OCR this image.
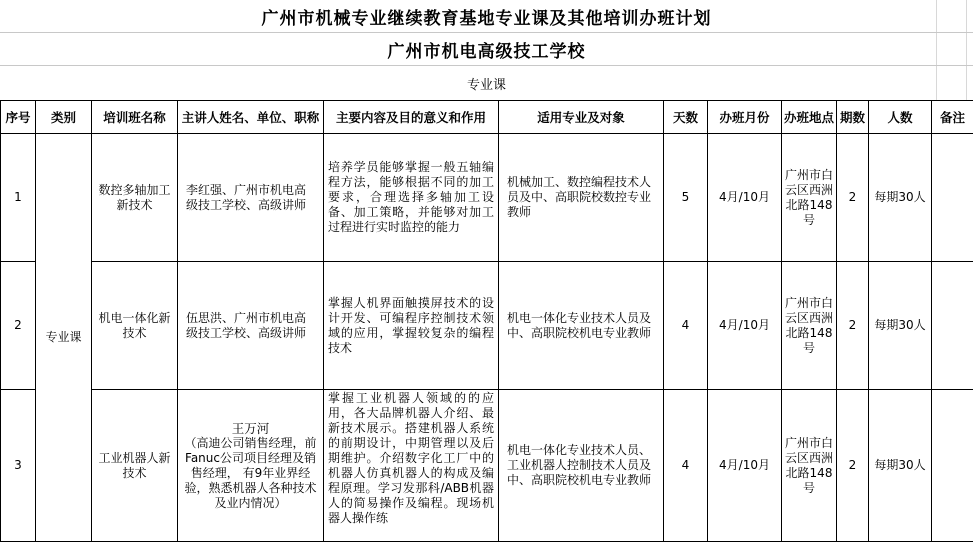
广州市机械专业继续教育基地专业课及其他培训办班计划
广州市机电高级技工学校
专业课
序号	类别	培训班名称	主讲人姓名、单位、职称	主要内容及目的意义和作用	适用专业及对象	天数	办班月份	办班地点	期数	人数	备注
1	专业课	数控多轴加工新技术	李红强、广州市机电高级技工学校、高级讲师	培养学员能够掌握一般五轴编程方法，能够根据不同的加工要求，合理选择多轴加工设备、加工策略，并能够对加工过程进行实时监控的能力	机械加工、数控编程技术人员及中、高职院校数控专业教师	5	4月/10月	广州市白云区西洲北路148号	2	每期30人	
2		机电一体化新技术	伍思洪、广州市机电高级技工学校、高级讲师	掌握人机界面触摸屏技术的设计开发、可编程序控制技术领域的应用，掌握较复杂的编程技术	机电一体化专业技术人员及中、高职院校机电专业教师	4	4月/10月	广州市白云区西洲北路148号	2	每期30人	
3		工业机器人新技术	王万河
（高迪公司销售经理，前Fanuc公司项目经理及销售经理， 有9年业界经验，熟悉机器人各种技术及业内情况）	掌握工业机器人领域的的应用，各大品牌机器人介绍、最新技术展示。搭建机器人系统的前期设计，中期管理以及后期维护。介绍数字化工厂中的机器人仿真机器人的构成及编程原理。学习发那科/ABB机器人的简易操作及编程。现场机器人操作练	机电一体化专业技术人员、工业机器人控制技术人员及中、高职院校机电专业教师	4	4月/10月	广州市白云区西洲北路148号	2	每期30人	
